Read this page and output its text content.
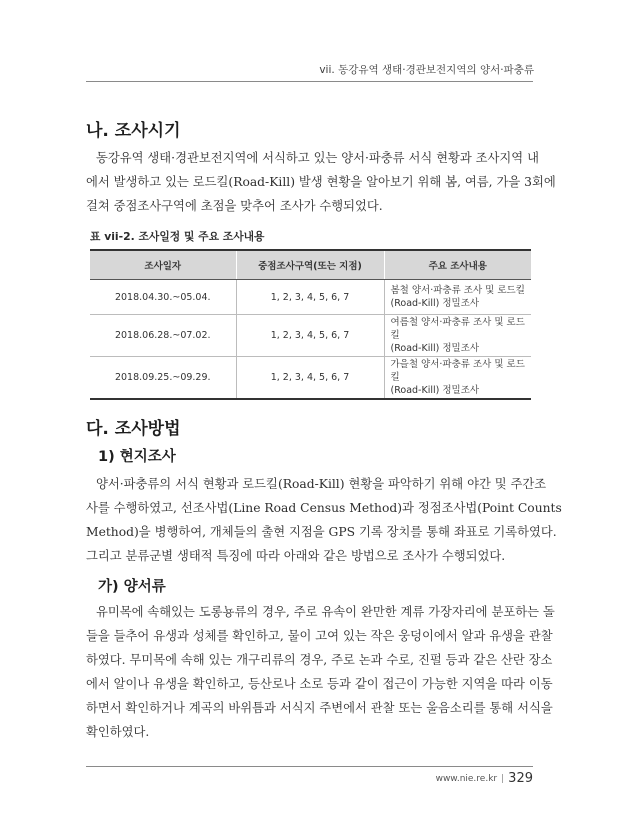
vii. 동강유역 생태·경관보전지역의 양서·파충류
나. 조사시기

동강유역 생태·경관보전지역에 서식하고 있는 양서·파충류 서식 현황과 조사지역 내
에서 발생하고 있는 로드킬(Road-Kill) 발생 현황을 알아보기 위해 봄, 여름, 가을 3회에
걸쳐 중점조사구역에 초점을 맞추어 조사가 수행되었다.

표 vii-2. 조사일정 및 주요 조사내용
조사일자	중점조사구역(또는 지점)	주요 조사내용
2018.04.30.~05.04.	1, 2, 3, 4, 5, 6, 7	봄철 양서·파충류 조사 및 로드킬
(Road-Kill) 정밀조사
2018.06.28.~07.02.	1, 2, 3, 4, 5, 6, 7	여름철 양서·파충류 조사 및 로드킬
(Road-Kill) 정밀조사
2018.09.25.~09.29.	1, 2, 3, 4, 5, 6, 7	가을철 양서·파충류 조사 및 로드킬
(Road-Kill) 정밀조사
다. 조사방법
1) 현지조사

양서·파충류의 서식 현황과 로드킬(Road-Kill) 현황을 파악하기 위해 야간 및 주간조
사를 수행하였고, 선조사법(Line Road Census Method)과 정점조사법(Point Counts
Method)을 병행하여, 개체들의 출현 지점을 GPS 기록 장치를 통해 좌표로 기록하였다.
그리고 분류군별 생태적 특징에 따라 아래와 같은 방법으로 조사가 수행되었다.

가) 양서류

유미목에 속해있는 도롱뇽류의 경우, 주로 유속이 완만한 계류 가장자리에 분포하는 돌
들을 들추어 유생과 성체를 확인하고, 물이 고여 있는 작은 웅덩이에서 알과 유생을 관찰
하였다. 무미목에 속해 있는 개구리류의 경우, 주로 논과 수로, 진펄 등과 같은 산란 장소
에서 알이나 유생을 확인하고, 등산로나 소로 등과 같이 접근이 가능한 지역을 따라 이동
하면서 확인하거나 계곡의 바위틈과 서식지 주변에서 관찰 또는 울음소리를 통해 서식을
확인하였다.

www.nie.re.kr | 329
